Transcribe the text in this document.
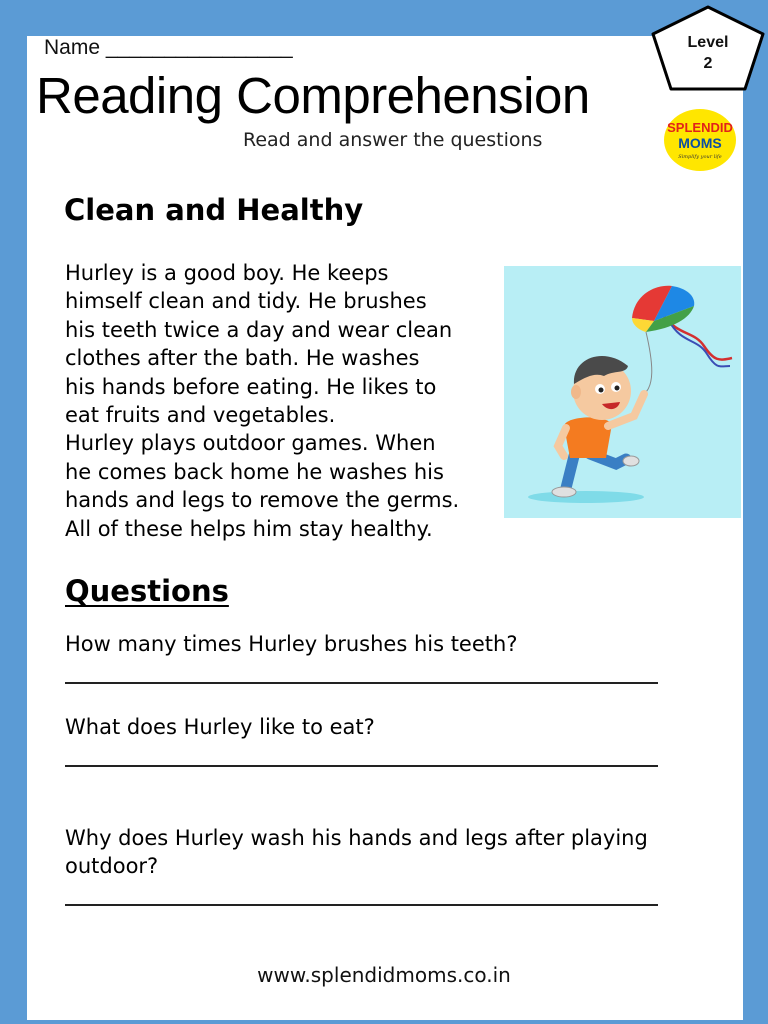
Name ________________
Reading Comprehension
Read and answer the questions
Level
2
SPLENDID
MOMS
Simplify your life
Clean and Healthy
Hurley is a good boy. He keeps
himself clean and tidy. He brushes
his teeth twice a day and wear clean
clothes after the bath. He washes
his hands before eating. He likes to
eat fruits and vegetables.
Hurley plays outdoor games. When
he comes back home he washes his
hands and legs to remove the germs.
All of these helps him stay healthy.
Questions
How many times Hurley brushes his teeth?
What does Hurley like to eat?
Why does Hurley wash his hands and legs after playing outdoor?
www.splendidmoms.co.in
